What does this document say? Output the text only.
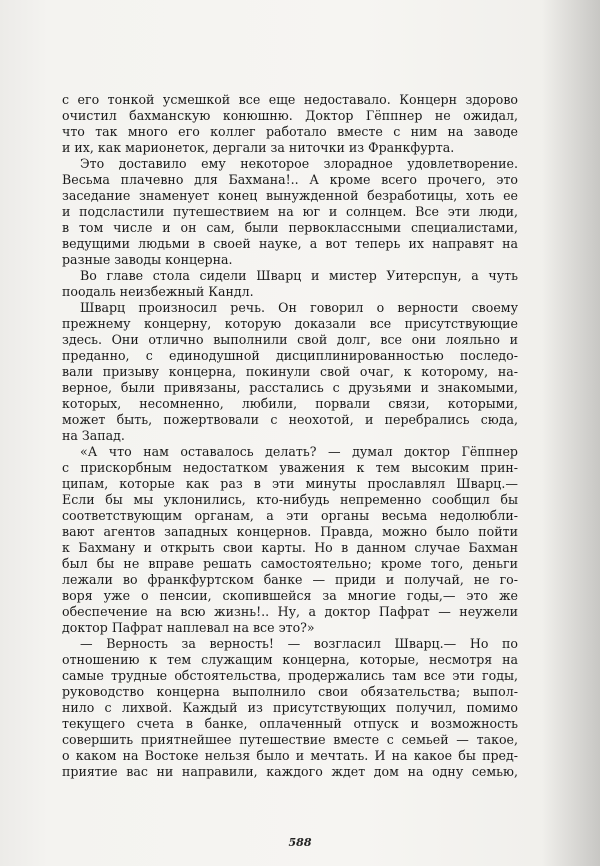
с его тонкой усмешкой все еще недоставало. Концерн здорово
очистил бахманскую конюшню. Доктор Гёппнер не ожидал,
что так много его коллег работало вместе с ним на заводе
и их, как марионеток, дергали за ниточки из Франкфурта.
Это доставило ему некоторое злорадное удовлетворение.
Весьма плачевно для Бахмана!.. А кроме всего прочего, это
заседание знаменует конец вынужденной безработицы, хоть ее
и подсластили путешествием на юг и солнцем. Все эти люди,
в том числе и он сам, были первоклассными специалистами,
ведущими людьми в своей науке, а вот теперь их направят на
разные заводы концерна.
Во главе стола сидели Шварц и мистер Уитерспун, а чуть
поодаль неизбежный Кандл.
Шварц произносил речь. Он говорил о верности своему
прежнему концерну, которую доказали все присутствующие
здесь. Они отлично выполнили свой долг, все они лояльно и
преданно, с единодушной дисциплинированностью последо-
вали призыву концерна, покинули свой очаг, к которому, на-
верное, были привязаны, расстались с друзьями и знакомыми,
которых, несомненно, любили, порвали связи, которыми,
может быть, пожертвовали с неохотой, и перебрались сюда,
на Запад.
«А что нам оставалось делать? — думал доктор Гёппнер
с прискорбным недостатком уважения к тем высоким прин-
ципам, которые как раз в эти минуты прославлял Шварц.—
Если бы мы уклонились, кто-нибудь непременно сообщил бы
соответствующим органам, а эти органы весьма недолюбли-
вают агентов западных концернов. Правда, можно было пойти
к Бахману и открыть свои карты. Но в данном случае Бахман
был бы не вправе решать самостоятельно; кроме того, деньги
лежали во франкфуртском банке — приди и получай, не го-
воря уже о пенсии, скопившейся за многие годы,— это же
обеспечение на всю жизнь!.. Ну, а доктор Пафрат — неужели
доктор Пафрат наплевал на все это?»
— Верность за верность! — возгласил Шварц.— Но по
отношению к тем служащим концерна, которые, несмотря на
самые трудные обстоятельства, продержались там все эти годы,
руководство концерна выполнило свои обязательства; выпол-
нило с лихвой. Каждый из присутствующих получил, помимо
текущего счета в банке, оплаченный отпуск и возможность
совершить приятнейшее путешествие вместе с семьей — такое,
о каком на Востоке нельзя было и мечтать. И на какое бы пред-
приятие вас ни направили, каждого ждет дом на одну семью,
588
